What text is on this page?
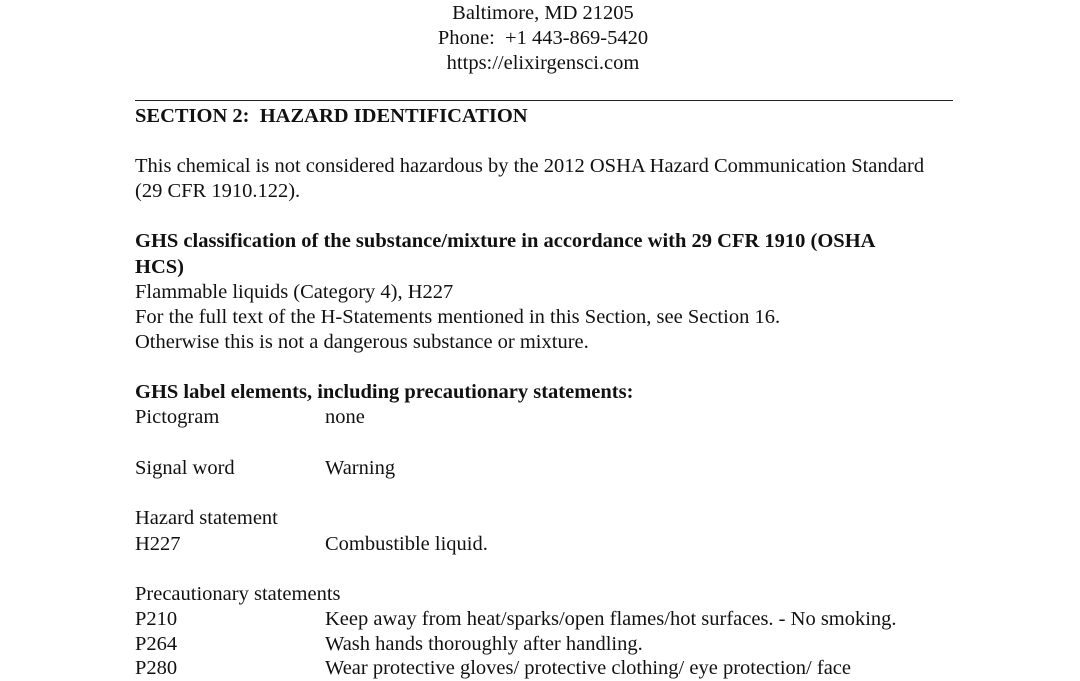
Baltimore, MD 21205
Phone:  +1 443-869-5420
https://elixirgensci.com
SECTION 2:  HAZARD IDENTIFICATION
This chemical is not considered hazardous by the 2012 OSHA Hazard Communication Standard
(29 CFR 1910.122).
GHS classification of the substance/mixture in accordance with 29 CFR 1910 (OSHA
HCS)
Flammable liquids (Category 4), H227
For the full text of the H-Statements mentioned in this Section, see Section 16.
Otherwise this is not a dangerous substance or mixture.
GHS label elements, including precautionary statements:
Pictogram	none
Signal word	Warning
Hazard statement
H227	Combustible liquid.
Precautionary statements
P210	Keep away from heat/sparks/open flames/hot surfaces. - No smoking.
P264	Wash hands thoroughly after handling.
P280	Wear protective gloves/ protective clothing/ eye protection/ face
